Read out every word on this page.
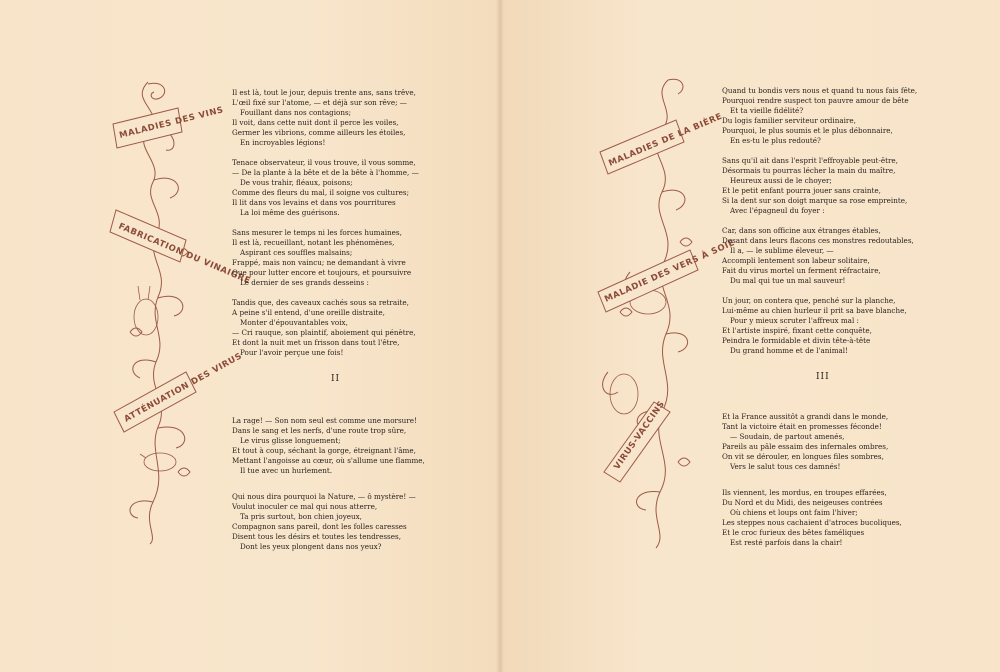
MALADIES DES VINS
FABRICATION DU VINAIGRE
ATTÉNUATION DES VIRUS
Il est là, tout le jour, depuis trente ans, sans trêve,
L'œil fixé sur l'atome, — et déjà sur son rêve; —
Fouillant dans nos contagions;
Il voit, dans cette nuit dont il perce les voiles,
Germer les vibrions, comme ailleurs les étoiles,
En incroyables légions!
Tenace observateur, il vous trouve, il vous somme,
— De la plante à la bête et de la bête à l'homme, —
De vous trahir, fléaux, poisons;
Comme des fleurs du mal, il soigne vos cultures;
Il lit dans vos levains et dans vos pourritures
La loi même des guérisons.
Sans mesurer le temps ni les forces humaines,
Il est là, recueillant, notant les phénomènes,
Aspirant ces souffles malsains;
Frappé, mais non vaincu; ne demandant à vivre
Que pour lutter encore et toujours, et poursuivre
Le dernier de ses grands desseins :
Tandis que, des caveaux cachés sous sa retraite,
A peine s'il entend, d'une oreille distraite,
Monter d'épouvantables voix,
— Cri rauque, son plaintif, aboiement qui pénètre,
Et dont la nuit met un frisson dans tout l'être,
Pour l'avoir perçue une fois!
II
La rage! — Son nom seul est comme une morsure!
Dans le sang et les nerfs, d'une route trop sûre,
Le virus glisse longuement;
Et tout à coup, séchant la gorge, étreignant l'âme,
Mettant l'angoisse au cœur, où s'allume une flamme,
Il tue avec un hurlement.
Qui nous dira pourquoi la Nature, — ô mystère! —
Voulut inoculer ce mal qui nous atterre,
Ta pris surtout, bon chien joyeux,
Compagnon sans pareil, dont les folles caresses
Disent tous les désirs et toutes les tendresses,
Dont les yeux plongent dans nos yeux?
MALADIES DE LA BIÈRE
MALADIE DES VERS À SOIE
VIRUS-VACCINS
Quand tu bondis vers nous et quand tu nous fais fête,
Pourquoi rendre suspect ton pauvre amour de bête
Et ta vieille fidélité?
Du logis familier serviteur ordinaire,
Pourquoi, le plus soumis et le plus débonnaire,
En es-tu le plus redouté?
Sans qu'il ait dans l'esprit l'effroyable peut-être,
Désormais tu pourras lécher la main du maître,
Heureux aussi de le choyer;
Et le petit enfant pourra jouer sans crainte,
Si la dent sur son doigt marque sa rose empreinte,
Avec l'épagneul du foyer :
Car, dans son officine aux étranges étables,
Dosant dans leurs flacons ces monstres redoutables,
Il a, — le sublime éleveur, —
Accompli lentement son labeur solitaire,
Fait du virus mortel un ferment réfractaire,
Du mal qui tue un mal sauveur!
Un jour, on contera que, penché sur la planche,
Lui-même au chien hurleur il prit sa bave blanche,
Pour y mieux scruter l'affreux mal :
Et l'artiste inspiré, fixant cette conquête,
Peindra le formidable et divin tête-à-tête
Du grand homme et de l'animal!
III
Et la France aussitôt a grandi dans le monde,
Tant la victoire était en promesses féconde!
— Soudain, de partout amenés,
Pareils au pâle essaim des infernales ombres,
On vit se dérouler, en longues files sombres,
Vers le salut tous ces damnés!
Ils viennent, les mordus, en troupes effarées,
Du Nord et du Midi, des neigeuses contrées
Où chiens et loups ont faim l'hiver;
Les steppes nous cachaient d'atroces bucoliques,
Et le croc furieux des bêtes faméliques
Est resté parfois dans la chair!
